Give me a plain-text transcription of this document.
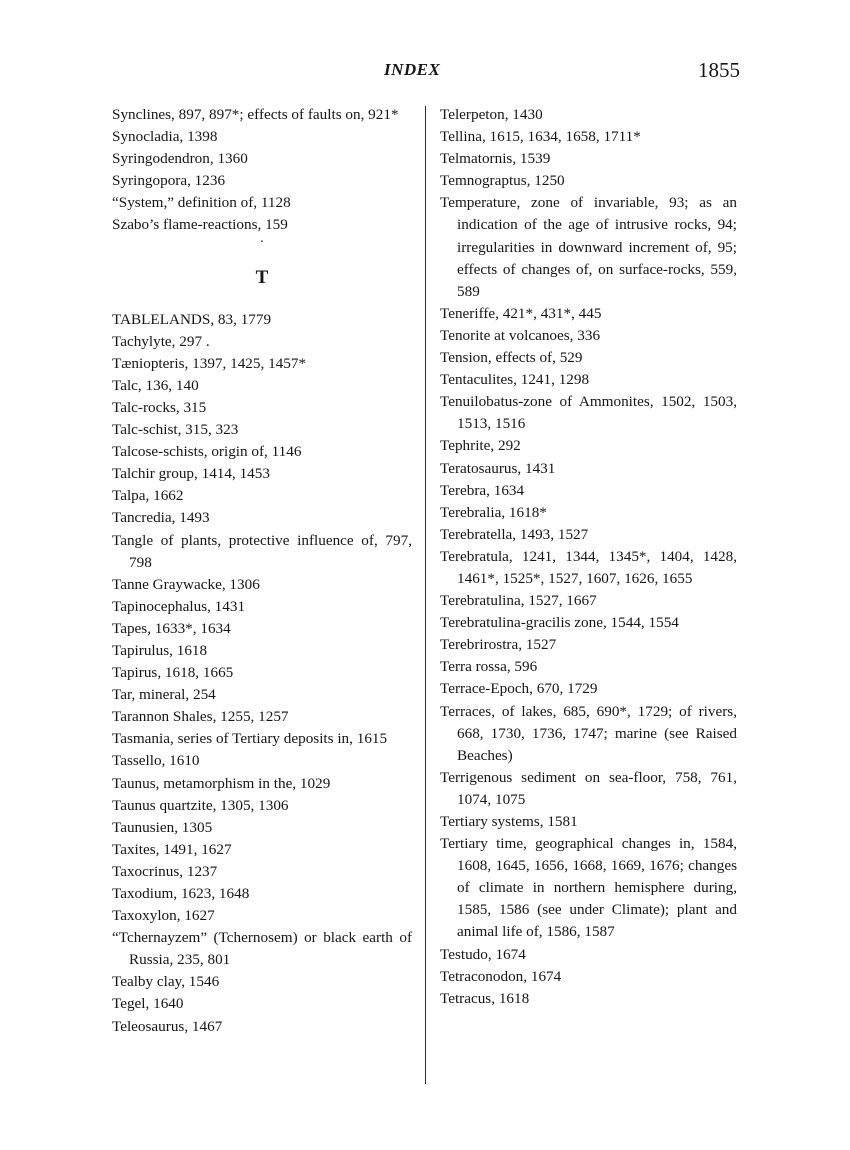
INDEX	1855
Synclines, 897, 897*; effects of faults on, 921*
Synocladia, 1398
Syringodendron, 1360
Syringopora, 1236
“System,” definition of, 1128
Szabo’s flame-reactions, 159
·
T
TABLELANDS, 83, 1779
Tachylyte, 297 .
Tæniopteris, 1397, 1425, 1457*
Talc, 136, 140
Talc-rocks, 315
Talc-schist, 315, 323
Talcose-schists, origin of, 1146
Talchir group, 1414, 1453
Talpa, 1662
Tancredia, 1493
Tangle of plants, protective influence of, 797, 798
Tanne Graywacke, 1306
Tapinocephalus, 1431
Tapes, 1633*, 1634
Tapirulus, 1618
Tapirus, 1618, 1665
Tar, mineral, 254
Tarannon Shales, 1255, 1257
Tasmania, series of Tertiary deposits in, 1615
Tassello, 1610
Taunus, metamorphism in the, 1029
Taunus quartzite, 1305, 1306
Taunusien, 1305
Taxites, 1491, 1627
Taxocrinus, 1237
Taxodium, 1623, 1648
Taxoxylon, 1627
“Tchernayzem” (Tchernosem) or black earth of Russia, 235, 801
Tealby clay, 1546
Tegel, 1640
Teleosaurus, 1467
Telerpeton, 1430
Tellina, 1615, 1634, 1658, 1711*
Telmatornis, 1539
Temnograptus, 1250
Temperature, zone of invariable, 93; as an indication of the age of intrusive rocks, 94; irregularities in downward increment of, 95; effects of changes of, on surface-rocks, 559, 589
Teneriffe, 421*, 431*, 445
Tenorite at volcanoes, 336
Tension, effects of, 529
Tentaculites, 1241, 1298
Tenuilobatus-zone of Ammonites, 1502, 1503, 1513, 1516
Tephrite, 292
Teratosaurus, 1431
Terebra, 1634
Terebralia, 1618*
Terebratella, 1493, 1527
Terebratula, 1241, 1344, 1345*, 1404, 1428, 1461*, 1525*, 1527, 1607, 1626, 1655
Terebratulina, 1527, 1667
Terebratulina-gracilis zone, 1544, 1554
Terebrirostra, 1527
Terra rossa, 596
Terrace-Epoch, 670, 1729
Terraces, of lakes, 685, 690*, 1729; of rivers, 668, 1730, 1736, 1747; marine (see Raised Beaches)
Terrigenous sediment on sea-floor, 758, 761, 1074, 1075
Tertiary systems, 1581
Tertiary time, geographical changes in, 1584, 1608, 1645, 1656, 1668, 1669, 1676; changes of climate in northern hemisphere during, 1585, 1586 (see under Climate); plant and animal life of, 1586, 1587
Testudo, 1674
Tetraconodon, 1674
Tetracus, 1618
